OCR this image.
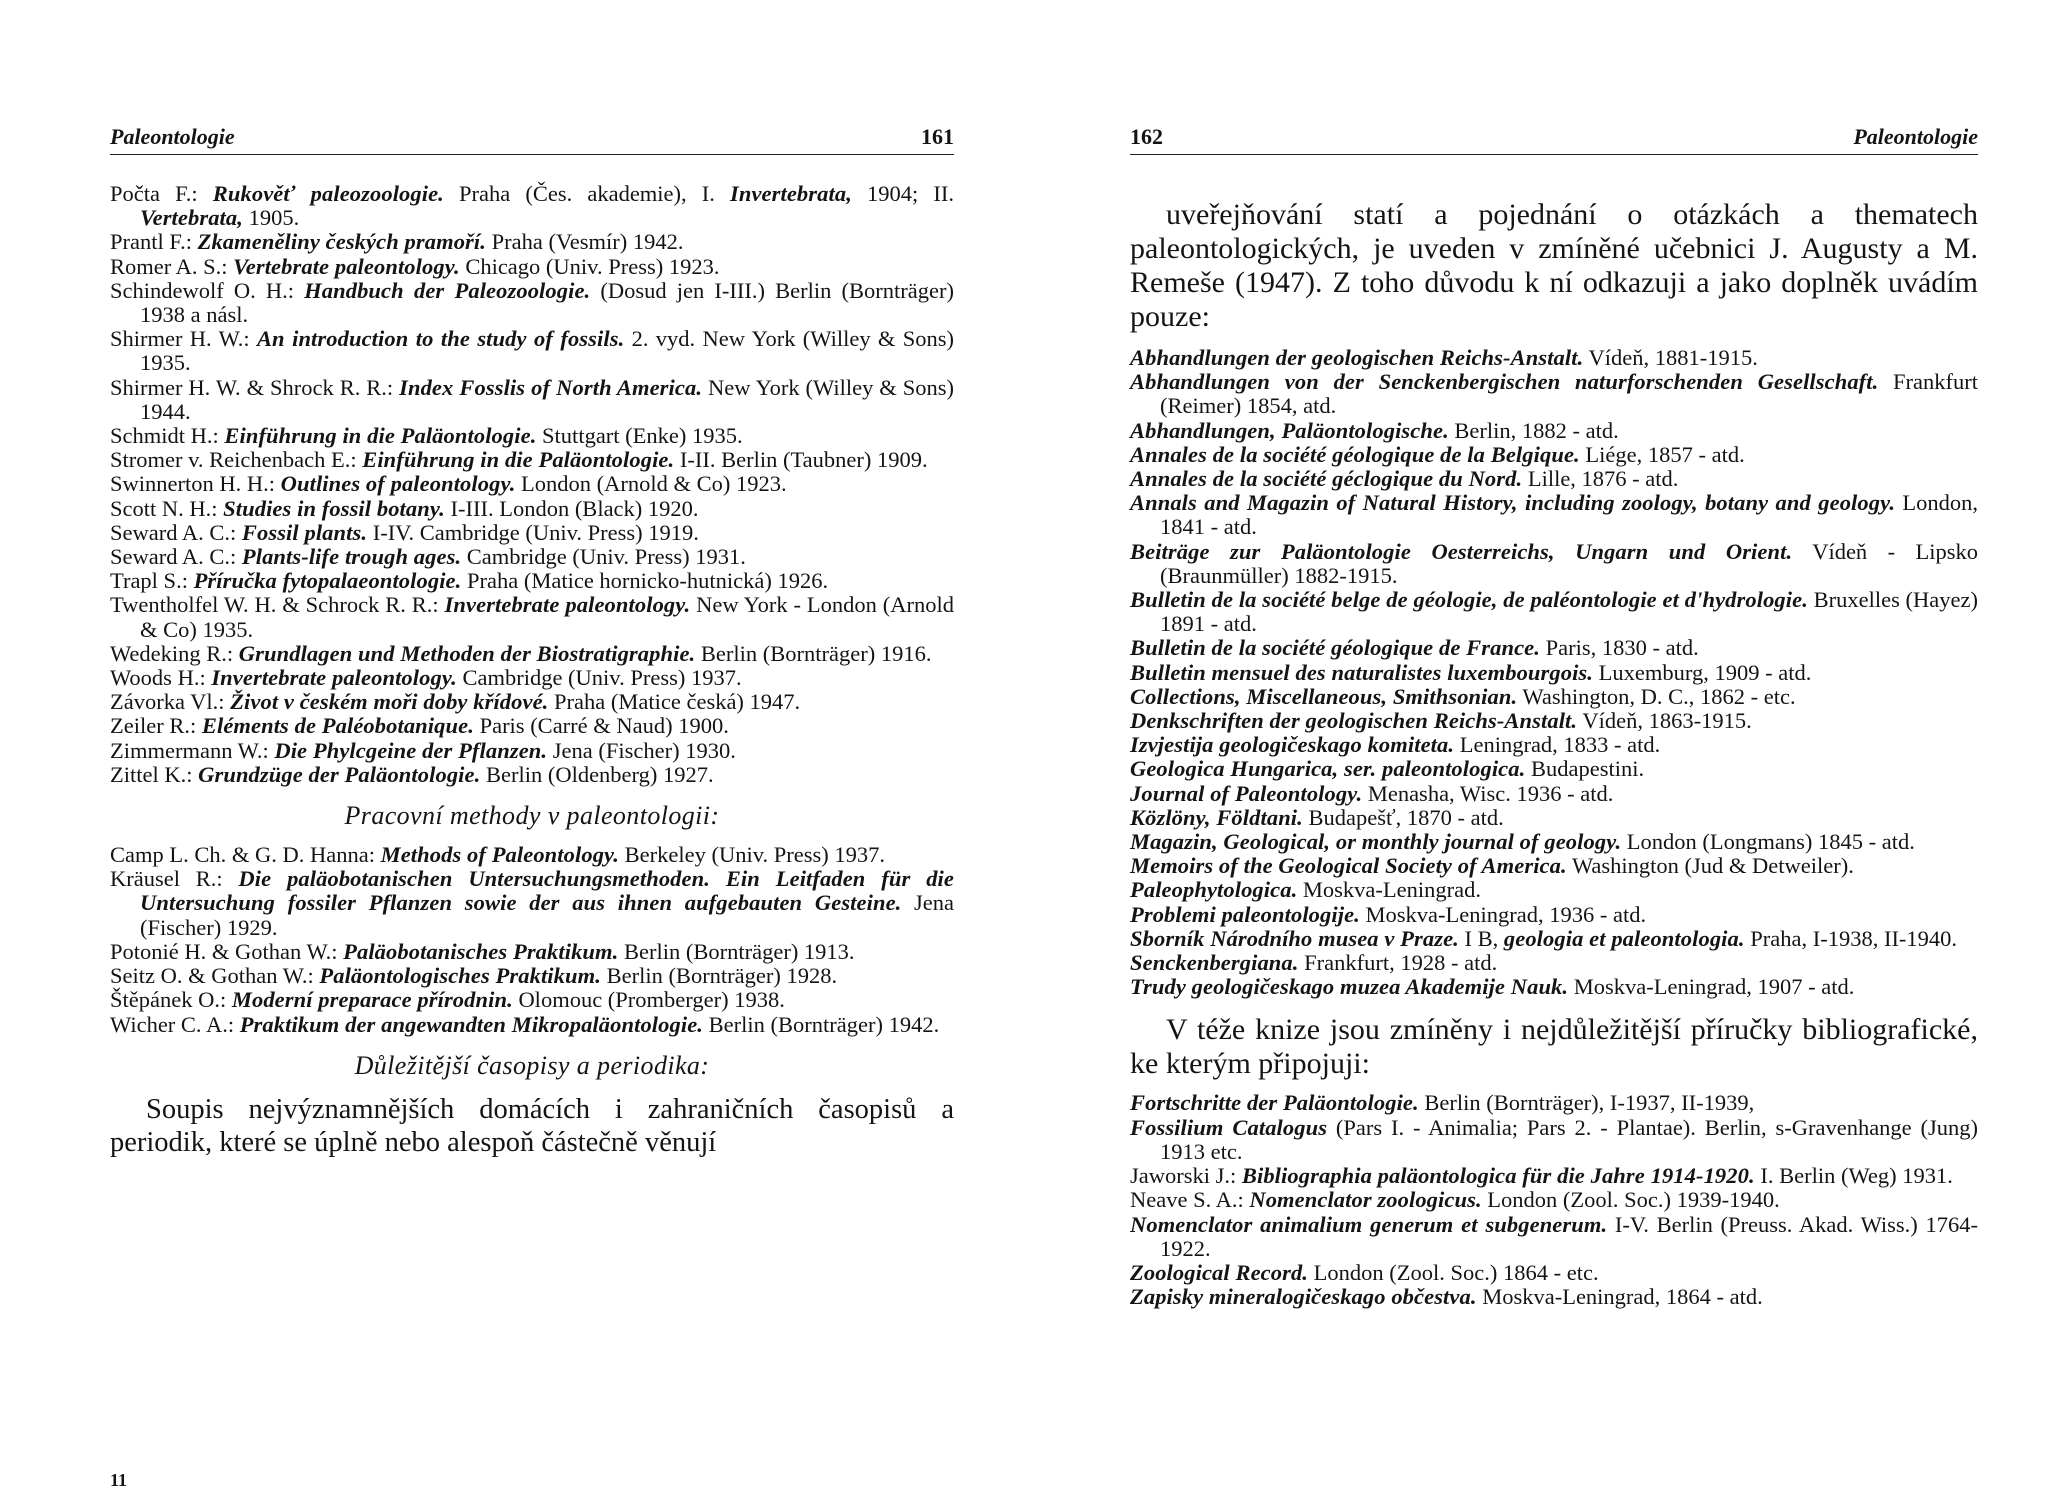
Paleontologie	161
Počta F.: Rukověť paleozoologie. Praha (Čes. akademie), I. Invertebrata, 1904; II. Vertebrata, 1905.
Prantl F.: Zkameněliny českých pramoří. Praha (Vesmír) 1942.
Romer A. S.: Vertebrate paleontology. Chicago (Univ. Press) 1923.
Schindewolf O. H.: Handbuch der Paleozoologie. (Dosud jen I-III.) Berlin (Bornträger) 1938 a násl.
Shirmer H. W.: An introduction to the study of fossils. 2. vyd. New York (Willey & Sons) 1935.
Shirmer H. W. & Shrock R. R.: Index Fosslis of North America. New York (Willey & Sons) 1944.
Schmidt H.: Einführung in die Paläontologie. Stuttgart (Enke) 1935.
Stromer v. Reichenbach E.: Einführung in die Paläontologie. I-II. Berlin (Taubner) 1909.
Swinnerton H. H.: Outlines of paleontology. London (Arnold & Co) 1923.
Scott N. H.: Studies in fossil botany. I-III. London (Black) 1920.
Seward A. C.: Fossil plants. I-IV. Cambridge (Univ. Press) 1919.
Seward A. C.: Plants-life trough ages. Cambridge (Univ. Press) 1931.
Trapl S.: Příručka fytopalaeontologie. Praha (Matice hornicko-hutnická) 1926.
Twentholfel W. H. & Schrock R. R.: Invertebrate paleontology. New York - London (Arnold & Co) 1935.
Wedeking R.: Grundlagen und Methoden der Biostratigraphie. Berlin (Bornträger) 1916.
Woods H.: Invertebrate paleontology. Cambridge (Univ. Press) 1937.
Závorka Vl.: Život v českém moři doby křídové. Praha (Matice česká) 1947.
Zeiler R.: Eléments de Paléobotanique. Paris (Carré & Naud) 1900.
Zimmermann W.: Die Phylcgeine der Pflanzen. Jena (Fischer) 1930.
Zittel K.: Grundzüge der Paläontologie. Berlin (Oldenberg) 1927.
Pracovní methody v paleontologii:
Camp L. Ch. & G. D. Hanna: Methods of Paleontology. Berkeley (Univ. Press) 1937.
Kräusel R.: Die paläobotanischen Untersuchungsmethoden. Ein Leitfaden für die Untersuchung fossiler Pflanzen sowie der aus ihnen aufgebauten Gesteine. Jena (Fischer) 1929.
Potonié H. & Gothan W.: Paläobotanisches Praktikum. Berlin (Bornträger) 1913.
Seitz O. & Gothan W.: Paläontologisches Praktikum. Berlin (Bornträger) 1928.
Štěpánek O.: Moderní preparace přírodnin. Olomouc (Promberger) 1938.
Wicher C. A.: Praktikum der angewandten Mikropaläontologie. Berlin (Bornträger) 1942.
Důležitější časopisy a periodika:
Soupis nejvýznamnějších domácích i zahraničních časopisů a periodik, které se úplně nebo alespoň částečně věnují
11
162	Paleontologie
uveřejňování statí a pojednání o otázkách a thematech paleontologických, je uveden v zmíněné učebnici J. Augusty a M. Remeše (1947). Z toho důvodu k ní odkazuji a jako doplněk uvádím pouze:
Abhandlungen der geologischen Reichs-Anstalt. Vídeň, 1881-1915.
Abhandlungen von der Senckenbergischen naturforschenden Gesellschaft. Frankfurt (Reimer) 1854, atd.
Abhandlungen, Paläontologische. Berlin, 1882 - atd.
Annales de la société géologique de la Belgique. Liége, 1857 - atd.
Annales de la société géclogique du Nord. Lille, 1876 - atd.
Annals and Magazin of Natural History, including zoology, botany and geology. London, 1841 - atd.
Beiträge zur Paläontologie Oesterreichs, Ungarn und Orient. Vídeň - Lipsko (Braunmüller) 1882-1915.
Bulletin de la société belge de géologie, de paléontologie et d'hydrologie. Bruxelles (Hayez) 1891 - atd.
Bulletin de la société géologique de France. Paris, 1830 - atd.
Bulletin mensuel des naturalistes luxembourgois. Luxemburg, 1909 - atd.
Collections, Miscellaneous, Smithsonian. Washington, D. C., 1862 - etc.
Denkschriften der geologischen Reichs-Anstalt. Vídeň, 1863-1915.
Izvjestija geologičeskago komiteta. Leningrad, 1833 - atd.
Geologica Hungarica, ser. paleontologica. Budapestini.
Journal of Paleontology. Menasha, Wisc. 1936 - atd.
Közlöny, Földtani. Budapešť, 1870 - atd.
Magazin, Geological, or monthly journal of geology. London (Longmans) 1845 - atd.
Memoirs of the Geological Society of America. Washington (Jud & Detweiler).
Paleophytologica. Moskva-Leningrad.
Problemi paleontologije. Moskva-Leningrad, 1936 - atd.
Sborník Národního musea v Praze. I B, geologia et paleontologia. Praha, I-1938, II-1940.
Senckenbergiana. Frankfurt, 1928 - atd.
Trudy geologičeskago muzea Akademije Nauk. Moskva-Leningrad, 1907 - atd.
V téže knize jsou zmíněny i nejdůležitější příručky bibliografické, ke kterým připojuji:
Fortschritte der Paläontologie. Berlin (Bornträger), I-1937, II-1939,
Fossilium Catalogus (Pars I. - Animalia; Pars 2. - Plantae). Berlin, s-Gravenhange (Jung) 1913 etc.
Jaworski J.: Bibliographia paläontologica für die Jahre 1914-1920. I. Berlin (Weg) 1931.
Neave S. A.: Nomenclator zoologicus. London (Zool. Soc.) 1939-1940.
Nomenclator animalium generum et subgenerum. I-V. Berlin (Preuss. Akad. Wiss.) 1764-1922.
Zoological Record. London (Zool. Soc.) 1864 - etc.
Zapisky mineralogičeskago občestva. Moskva-Leningrad, 1864 - atd.
